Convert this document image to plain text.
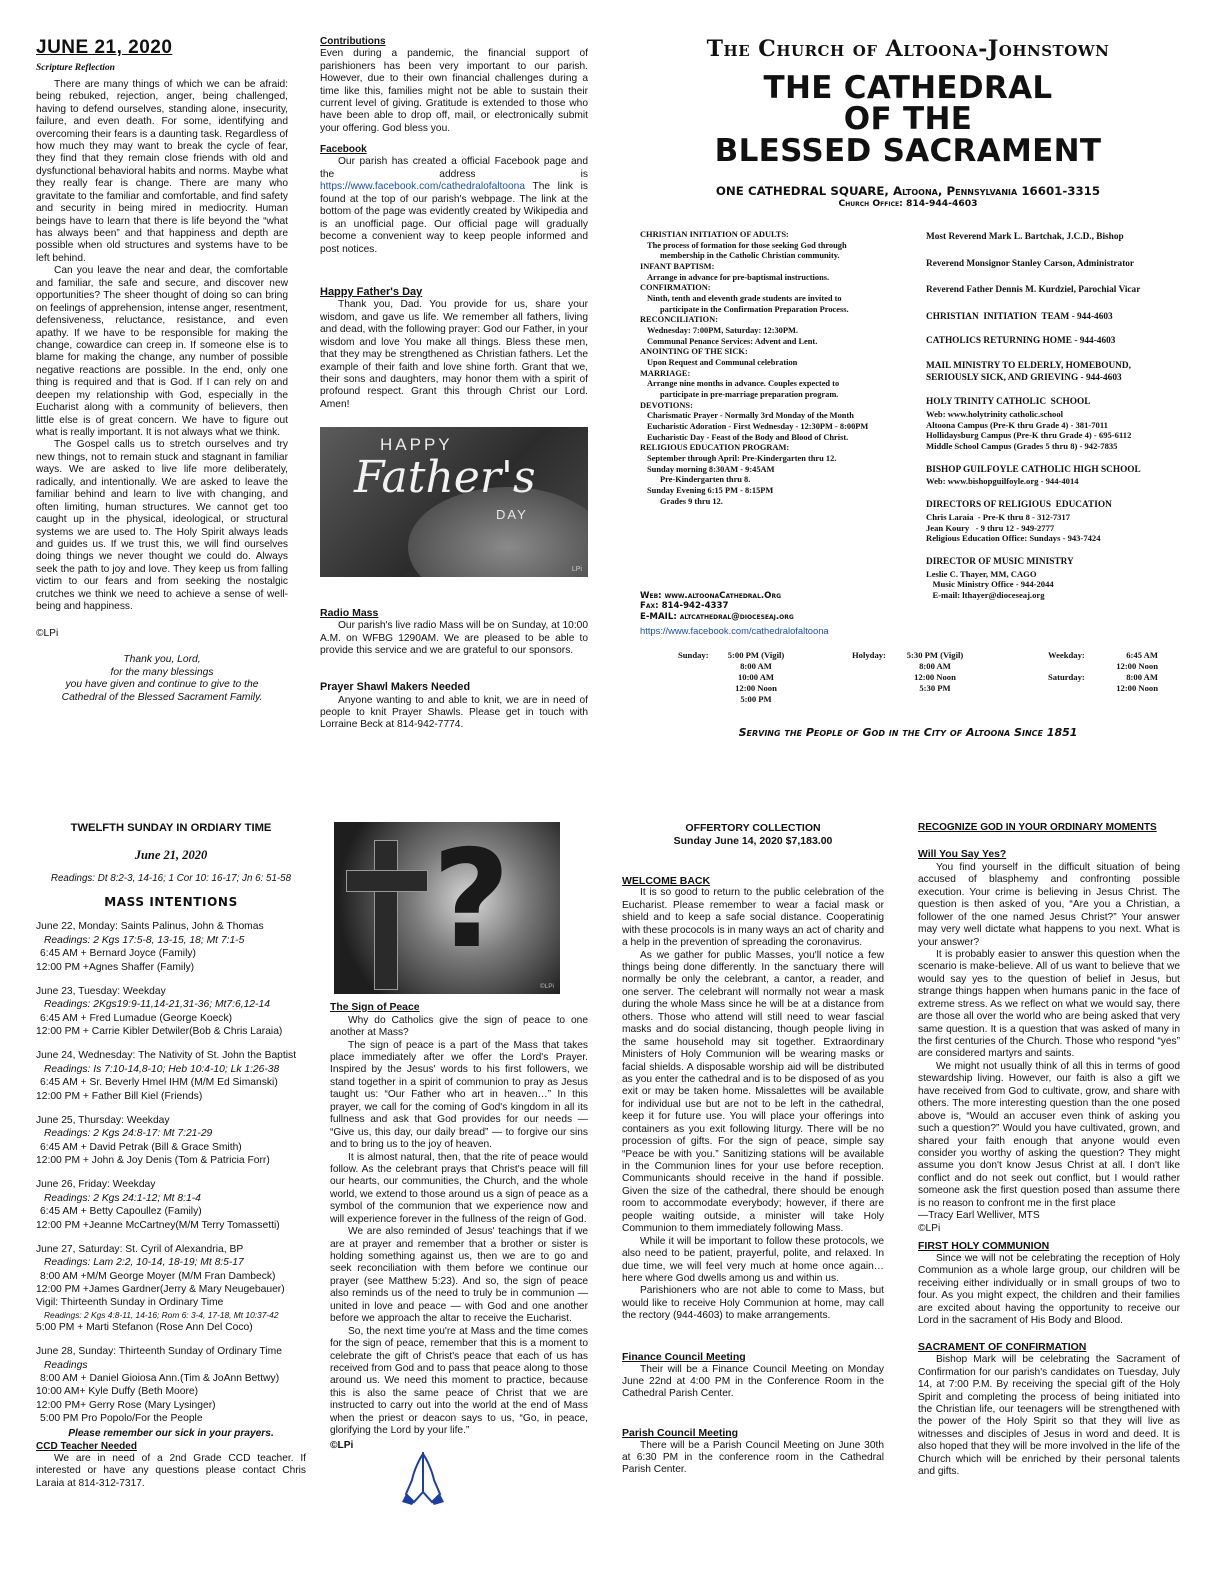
JUNE 21, 2020
Scripture Reflection

There are many things of which we can be afraid: being rebuked, rejection, anger, being challenged, having to defend ourselves, standing alone, insecurity, failure, and even death. For some, identifying and overcoming their fears is a daunting task. Regardless of how much they may want to break the cycle of fear, they find that they remain close friends with old and dysfunctional behavioral habits and norms. Maybe what they really fear is change. There are many who gravitate to the familiar and comfortable, and find safety and security in being mired in mediocrity. Human beings have to learn that there is life beyond the “what has always been” and that happiness and depth are possible when old structures and systems have to be left behind.

Can you leave the near and dear, the comfortable and familiar, the safe and secure, and discover new opportunities? The sheer thought of doing so can bring on feelings of apprehension, intense anger, resentment, defensiveness, reluctance, resistance, and even apathy. If we have to be responsible for making the change, cowardice can creep in. If someone else is to blame for making the change, any number of possible negative reactions are possible. In the end, only one thing is required and that is God. If I can rely on and deepen my relationship with God, especially in the Eucharist along with a community of believers, then little else is of great concern. We have to figure out what is really important. It is not always what we think.

The Gospel calls us to stretch ourselves and try new things, not to remain stuck and stagnant in familiar ways. We are asked to live life more deliberately, radically, and intentionally. We are asked to leave the familiar behind and learn to live with changing, and often limiting, human structures. We cannot get too caught up in the physical, ideological, or structural systems we are used to. The Holy Spirit always leads and guides us. If we trust this, we will find ourselves doing things we never thought we could do. Always seek the path to joy and love. They keep us from falling victim to our fears and from seeking the nostalgic crutches we think we need to achieve a sense of well-being and happiness.

©LPi
Thank you, Lord,
for the many blessings
you have given and continue to give to the
Cathedral of the Blessed Sacrament Family.
Contributions

Even during a pandemic, the financial support of parishioners has been very important to our parish. However, due to their own financial challenges during a time like this, families might not be able to sustain their current level of giving. Gratitude is extended to those who have been able to drop off, mail, or electronically submit your offering. God bless you.

Facebook

Our parish has created a official Facebook page and the address is https://www.facebook.com/cathedralofaltoona The link is found at the top of our parish's webpage. The link at the bottom of the page was evidently created by Wikipedia and is an unofficial page. Our official page will gradually become a convenient way to keep people informed and post notices.

Happy Father's Day

Thank you, Dad. You provide for us, share your wisdom, and gave us life. We remember all fathers, living and dead, with the following prayer: God our Father, in your wisdom and love You make all things. Bless these men, that they may be strengthened as Christian fathers. Let the example of their faith and love shine forth. Grant that we, their sons and daughters, may honor them with a spirit of profound respect. Grant this through Christ our Lord. Amen!

HAPPY
Father's
DAY
LPi
Radio Mass

Our parish's live radio Mass will be on Sunday, at 10:00 A.M. on WFBG 1290AM. We are pleased to be able to provide this service and we are grateful to our sponsors.

Prayer Shawl Makers Needed

Anyone wanting to and able to knit, we are in need of people to knit Prayer Shawls. Please get in touch with Lorraine Beck at 814-942-7774.

The Church of Altoona-Johnstown
THE CATHEDRAL
OF THE
BLESSED SACRAMENT
ONE CATHEDRAL SQUARE, Altoona, Pennsylvania 16601-3315
Church Office: 814-944-4603
CHRISTIAN INITIATION OF ADULTS:
The process of formation for those seeking God through
membership in the Catholic Christian community.
INFANT BAPTISM:
Arrange in advance for pre-baptismal instructions.
CONFIRMATION:
Ninth, tenth and eleventh grade students are invited to
participate in the Confirmation Preparation Process.
RECONCILIATION:
Wednesday: 7:00PM, Saturday: 12:30PM.
Communal Penance Services: Advent and Lent.
ANOINTING OF THE SICK:
Upon Request and Communal celebration
MARRIAGE:
Arrange nine months in advance. Couples expected to
participate in pre-marriage preparation program.
DEVOTIONS:
Charismatic Prayer - Normally 3rd Monday of the Month
Eucharistic Adoration - First Wednesday - 12:30PM - 8:00PM
Eucharistic Day - Feast of the Body and Blood of Christ.
RELIGIOUS EDUCATION PROGRAM:
September through April: Pre-Kindergarten thru 12.
Sunday morning 8:30AM - 9:45AM
Pre-Kindergarten thru 8.
Sunday Evening 6:15 PM - 8:15PM
Grades 9 thru 12.
Web: www.altoonaCathedral.Org
Fax: 814-942-4337
E-MAIL: altcathedral@dioceseaj.org
https://www.facebook.com/cathedralofaltoona
Most Reverend Mark L. Bartchak, J.C.D., Bishop
Reverend Monsignor Stanley Carson, Administrator
Reverend Father Dennis M. Kurdziel, Parochial Vicar
CHRISTIAN  INITIATION  TEAM - 944-4603
CATHOLICS RETURNING HOME - 944-4603
MAIL MINISTRY TO ELDERLY, HOMEBOUND,
SERIOUSLY SICK, AND GRIEVING - 944-4603
HOLY TRINITY CATHOLIC  SCHOOL
Web: www.holytrinity catholic.school
Altoona Campus (Pre-K thru Grade 4) - 381-7011
Hollidaysburg Campus (Pre-K thru Grade 4) - 695-6112
Middle School Campus (Grades 5 thru 8) - 942-7835
BISHOP GUILFOYLE CATHOLIC HIGH SCHOOL
Web: www.bishopguilfoyle.org - 944-4014
DIRECTORS OF RELIGIOUS  EDUCATION
Chris Laraia  - Pre-K thru 8 - 312-7317
Jean Koury   - 9 thru 12 - 949-2777
Religious Education Office: Sundays - 943-7424
DIRECTOR OF MUSIC MINISTRY
Leslie C. Thayer, MM, CAGO
Music Ministry Office - 944-2044
E-mail: lthayer@dioceseaj.org
Sunday:	5:00 PM (Vigil)
8:00 AM
10:00 AM
12:00 Noon
5:00 PM
Holyday:	5:30 PM (Vigil)
8:00 AM
12:00 Noon
5:30 PM
Weekday:	6:45 AM
12:00 Noon
Saturday:	8:00 AM
12:00 Noon
Serving the People of God in the City of Altoona Since 1851
TWELFTH SUNDAY IN ORDIARY TIME
June 21, 2020
Readings: Dt 8:2-3, 14-16; 1 Cor 10: 16-17; Jn 6: 51-58
MASS INTENTIONS
June 22, Monday: Saints Palinus, John & Thomas
Readings: 2 Kgs 17:5-8, 13-15, 18; Mt 7:1-5
6:45 AM + Bernard Joyce (Family)
12:00 PM +Agnes Shaffer (Family)
June 23, Tuesday: Weekday
Readings: 2Kgs19:9-11,14-21,31-36; Mt7:6,12-14
6:45 AM + Fred Lumadue (George Koeck)
12:00 PM + Carrie Kibler Detwiler(Bob & Chris Laraia)
June 24, Wednesday: The Nativity of St. John the Baptist
Readings: Is 7:10-14,8-10; Heb 10:4-10; Lk 1:26-38
6:45 AM + Sr. Beverly Hmel IHM (M/M Ed Simanski)
12:00 PM + Father Bill Kiel (Friends)
June 25, Thursday: Weekday
Readings: 2 Kgs 24:8-17: Mt 7:21-29
6:45 AM + David Petrak (Bill & Grace Smith)
12:00 PM + John & Joy Denis (Tom & Patricia Forr)
June 26, Friday: Weekday
Readings: 2 Kgs 24:1-12; Mt 8:1-4
6:45 AM + Betty Capoullez (Family)
12:00 PM +Jeanne McCartney(M/M Terry Tomassetti)
June 27, Saturday: St. Cyril of Alexandria, BP
Readings: Lam 2:2, 10-14, 18-19; Mt 8:5-17
8:00 AM +M/M George Moyer (M/M Fran Dambeck)
12:00 PM +James Gardner(Jerry & Mary Neugebauer)
Vigil: Thirteenth Sunday in Ordinary Time
Readings: 2 Kgs 4:8-11, 14-16; Rom 6: 3-4, 17-18, Mt 10:37-42
5:00 PM + Marti Stefanon (Rose Ann Del Coco)
June 28, Sunday: Thirteenth Sunday of Ordinary Time
Readings
8:00 AM + Daniel Gioiosa Ann.(Tim & JoAnn Bettwy)
10:00 AM+ Kyle Duffy (Beth Moore)
12:00 PM+ Gerry Rose (Mary Lysinger)
5:00 PM Pro Popolo/For the People
Please remember our sick in your prayers.
CCD Teacher Needed

We are in need of a 2nd Grade CCD teacher. If interested or have any questions please contact Chris Laraia at 814-312-7317.

?
©LPi
The Sign of Peace

Why do Catholics give the sign of peace to one another at Mass?

The sign of peace is a part of the Mass that takes place immediately after we offer the Lord's Prayer. Inspired by the Jesus' words to his first followers, we stand together in a spirit of communion to pray as Jesus taught us: “Our Father who art in heaven…” In this prayer, we call for the coming of God's kingdom in all its fullness and ask that God provides for our needs — “Give us, this day, our daily bread” — to forgive our sins and to bring us to the joy of heaven.

It is almost natural, then, that the rite of peace would follow. As the celebrant prays that Christ's peace will fill our hearts, our communities, the Church, and the whole world, we extend to those around us a sign of peace as a symbol of the communion that we experience now and will experience forever in the fullness of the reign of God.

We are also reminded of Jesus' teachings that if we are at prayer and remember that a brother or sister is holding something against us, then we are to go and seek reconciliation with them before we continue our prayer (see Matthew 5:23). And so, the sign of peace also reminds us of the need to truly be in communion — united in love and peace — with God and one another before we approach the altar to receive the Eucharist.

So, the next time you're at Mass and the time comes for the sign of peace, remember that this is a moment to celebrate the gift of Christ's peace that each of us has received from God and to pass that peace along to those around us. We need this moment to practice, because this is also the same peace of Christ that we are instructed to carry out into the world at the end of Mass when the priest or deacon says to us, “Go, in peace, glorifying the Lord by your life.”

©LPi
OFFERTORY COLLECTION
Sunday June 14, 2020 $7,183.00
WELCOME BACK

It is so good to return to the public celebration of the Eucharist. Please remember to wear a facial mask or shield and to keep a safe social distance. Cooperatinig with these prococols is in many ways an act of charity and a help in the prevention of spreading the coronavirus.

As we gather for public Masses, you'll notice a few things being done differently. In the sanctuary there will normally be only the celebrant, a cantor, a reader, and one server. The celebrant will normally not wear a mask during the whole Mass since he will be at a distance from others. Those who attend will still need to wear fascial masks and do social distancing, though people living in the same household may sit together. Extraordinary Ministers of Holy Communion will be wearing masks or facial shields. A disposable worship aid will be distributed as you enter the cathedral and is to be disposed of as you exit or may be taken home. Missalettes will be available for individual use but are not to be left in the cathedral, keep it for future use. You will place your offerings into containers as you exit following liturgy. There will be no procession of gifts. For the sign of peace, simple say “Peace be with you.” Sanitizing stations will be available in the Communion lines for your use before reception. Communicants should receive in the hand if possible. Given the size of the cathedral, there should be enough room to accommodate everybody; however, if there are people waiting outside, a minister will take Holy Communion to them immediately following Mass.

While it will be important to follow these protocols, we also need to be patient, prayerful, polite, and relaxed. In due time, we will feel very much at home once again…here where God dwells among us and within us.

Parishioners who are not able to come to Mass, but would like to receive Holy Communion at home, may call the rectory (944-4603) to make arrangements.

Finance Council Meeting

Their will be a Finance Council Meeting on Monday June 22nd at 4:00 PM in the Conference Room in the Cathedral Parish Center.

Parish Council Meeting

There will be a Parish Council Meeting on June 30th at 6:30 PM in the conference room in the Cathedral Parish Center.

RECOGNIZE GOD IN YOUR ORDINARY MOMENTS
Will You Say Yes?

You find yourself in the difficult situation of being accused of blasphemy and confronting possible execution. Your crime is believing in Jesus Christ. The question is then asked of you, “Are you a Christian, a follower of the one named Jesus Christ?” Your answer may very well dictate what happens to you next. What is your answer?

It is probably easier to answer this question when the scenario is make-believe. All of us want to believe that we would say yes to the question of belief in Jesus, but strange things happen when humans panic in the face of extreme stress. As we reflect on what we would say, there are those all over the world who are being asked that very same question. It is a question that was asked of many in the first centuries of the Church. Those who respond “yes” are considered martyrs and saints.

We might not usually think of all this in terms of good stewardship living. However, our faith is also a gift we have received from God to cultivate, grow, and share with others. The more interesting question than the one posed above is, “Would an accuser even think of asking you such a question?” Would you have cultivated, grown, and shared your faith enough that anyone would even consider you worthy of asking the question? They might assume you don't know Jesus Christ at all. I don't like conflict and do not seek out conflict, but I would rather someone ask the first question posed than assume there is no reason to confront me in the first place

—Tracy Earl Welliver, MTS
©LPi
FIRST HOLY COMMUNION

Since we will not be celebrating the reception of Holy Communion as a whole large group, our children will be receiving either individually or in small groups of two to four. As you might expect, the children and their families are excited about having the opportunity to receive our Lord in the sacrament of His Body and Blood.

SACRAMENT OF CONFIRMATION

Bishop Mark will be celebrating the Sacrament of Confirmation for our parish's candidates on Tuesday, July 14, at 7:00 P.M. By receiving the special gift of the Holy Spirit and completing the process of being initiated into the Christian life, our teenagers will be strengthened with the power of the Holy Spirit so that they will live as witnesses and disciples of Jesus in word and deed. It is also hoped that they will be more involved in the life of the Church which will be enriched by their personal talents and gifts.
